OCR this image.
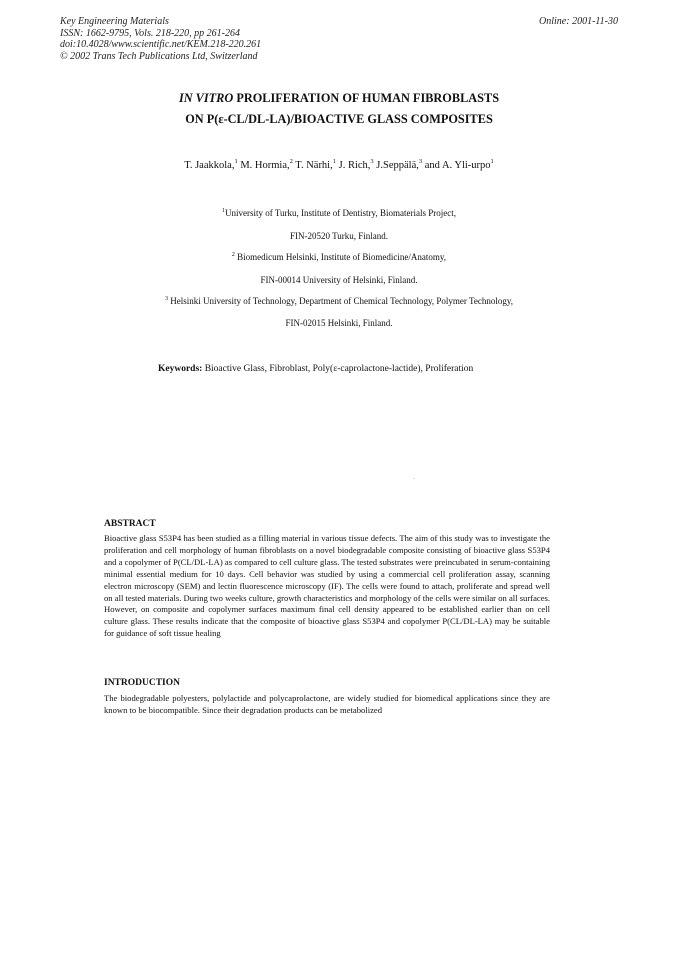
Key Engineering Materials
ISSN: 1662-9795, Vols. 218-220, pp 261-264
doi:10.4028/www.scientific.net/KEM.218-220.261
© 2002 Trans Tech Publications Ltd, Switzerland
Online: 2001-11-30
IN VITRO PROLIFERATION OF HUMAN FIBROBLASTS
ON P(ε-CL/DL-LA)/BIOACTIVE GLASS COMPOSITES
T. Jaakkola,$^1$ M. Hormia,$^2$ T. Närhi,$^1$ J. Rich,$^3$ J.Seppälä,$^3$ and A. Yli-urpo$^1$
$^1$University of Turku, Institute of Dentistry, Biomaterials Project,
FIN-20520 Turku, Finland.
$^2$ Biomedicum Helsinki, Institute of Biomedicine/Anatomy,
FIN-00014 University of Helsinki, Finland.
$^3$ Helsinki University of Technology, Department of Chemical Technology, Polymer Technology,
FIN-02015 Helsinki, Finland.
Keywords: Bioactive Glass, Fibroblast, Poly(ε-caprolactone-lactide), Proliferation
ABSTRACT

Bioactive glass S53P4 has been studied as a filling material in various tissue defects. The aim of this study was to investigate the proliferation and cell morphology of human fibroblasts on a novel biodegradable composite consisting of bioactive glass S53P4 and a copolymer of P(CL/DL-LA) as compared to cell culture glass. The tested substrates were preincubated in serum-containing minimal essential medium for 10 days. Cell behavior was studied by using a commercial cell proliferation assay, scanning electron microscopy (SEM) and lectin fluorescence microscopy (IF). The cells were found to attach, proliferate and spread well on all tested materials. During two weeks culture, growth characteristics and morphology of the cells were similar on all surfaces. However, on composite and copolymer surfaces maximum final cell density appeared to be established earlier than on cell culture glass. These results indicate that the composite of bioactive glass S53P4 and copolymer P(CL/DL-LA) may be suitable for guidance of soft tissue healing

INTRODUCTION

The biodegradable polyesters, polylactide and polycaprolactone, are widely studied for biomedical applications since they are known to be biocompatible. Since their degradation products can be metabolized
